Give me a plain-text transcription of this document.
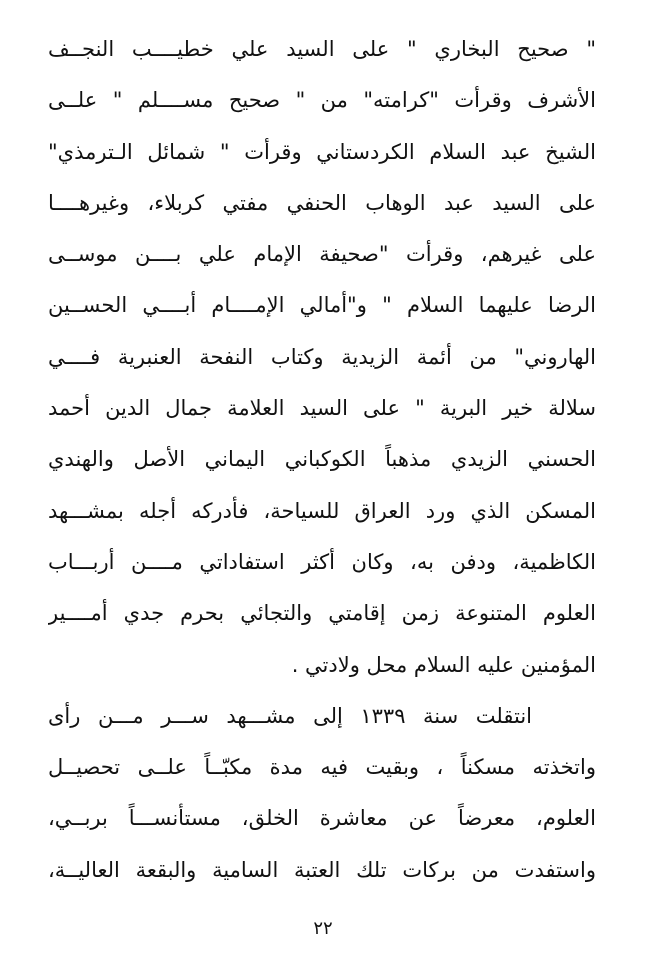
" صحيح البخاري " على السيد علي خطيــــب النجــف
الأشرف وقرأت "كرامته" من " صحيح مســــلم " علــى
الشيخ عبد السلام الكردستاني وقرأت " شمائل الـترمذي"
على السيد عبد الوهاب الحنفي مفتي كربلاء، وغيرهــــا
على غيرهم، وقرأت "صحيفة الإمام علي بــــن موســى
الرضا عليهما السلام " و"أمالي الإمــــام أبــــي الحســين
الهاروني" من أئمة الزيدية وكتاب النفحة العنبرية فــــي
سلالة خير البرية " على السيد العلامة جمال الدين أحمد
الحسني الزيدي مذهباً الكوكباني اليماني الأصل والهندي
المسكن الذي ورد العراق للسياحة، فأدركه أجله بمشـــهد
الكاظمية، ودفن به، وكان أكثر استفاداتي مــــن أربـــاب
العلوم المتنوعة زمن إقامتي والتجائي بحرم جدي أمــــير
المؤمنين عليه السلام محل ولادتي .
انتقلت سنة ١٣٣٩ إلى مشـــهد ســـر مـــن رأى
واتخذته مسكناً ، وبقيت فيه مدة مكبّــاً علــى تحصيــل
العلوم، معرضاً عن معاشرة الخلق، مستأنســـاً بربــي،
واستفدت من بركات تلك العتبة السامية والبقعة العاليــة،
٢٢
